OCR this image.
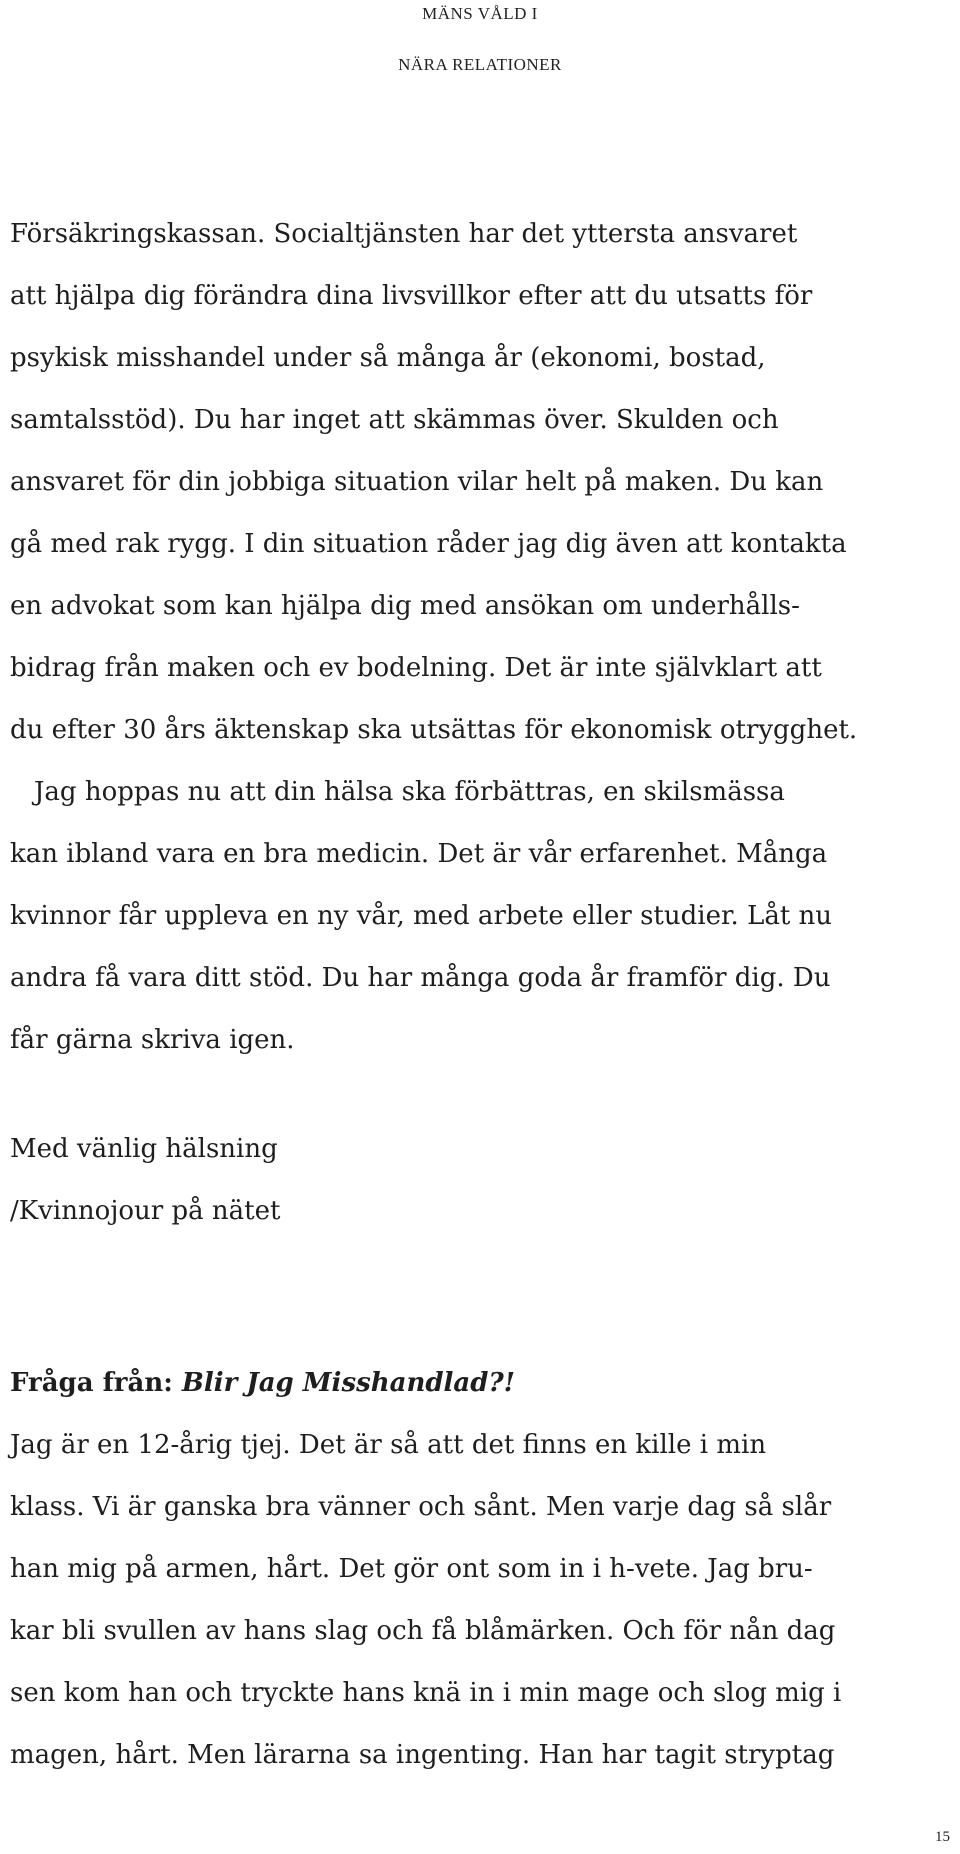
MÄNS VÅLD I
NÄRA RELATIONER
Försäkringskassan. Socialtjänsten har det yttersta ansvaret
att hjälpa dig förändra dina livsvillkor efter att du utsatts för
psykisk misshandel under så många år (ekonomi, bostad,
samtalsstöd). Du har inget att skämmas över. Skulden och
ansvaret för din jobbiga situation vilar helt på maken. Du kan
gå med rak rygg. I din situation råder jag dig även att kontakta
en advokat som kan hjälpa dig med ansökan om underhålls-
bidrag från maken och ev bodelning. Det är inte självklart att
du efter 30 års äktenskap ska utsättas för ekonomisk otrygghet.
Jag hoppas nu att din hälsa ska förbättras, en skilsmässa
kan ibland vara en bra medicin. Det är vår erfarenhet. Många
kvinnor får uppleva en ny vår, med arbete eller studier. Låt nu
andra få vara ditt stöd. Du har många goda år framför dig. Du
får gärna skriva igen.
Med vänlig hälsning
/Kvinnojour på nätet
Fråga från: Blir Jag Misshandlad?!
Jag är en 12-årig tjej. Det är så att det finns en kille i min
klass. Vi är ganska bra vänner och sånt. Men varje dag så slår
han mig på armen, hårt. Det gör ont som in i h-vete. Jag bru-
kar bli svullen av hans slag och få blåmärken. Och för nån dag
sen kom han och tryckte hans knä in i min mage och slog mig i
magen, hårt. Men lärarna sa ingenting. Han har tagit stryptag
15
